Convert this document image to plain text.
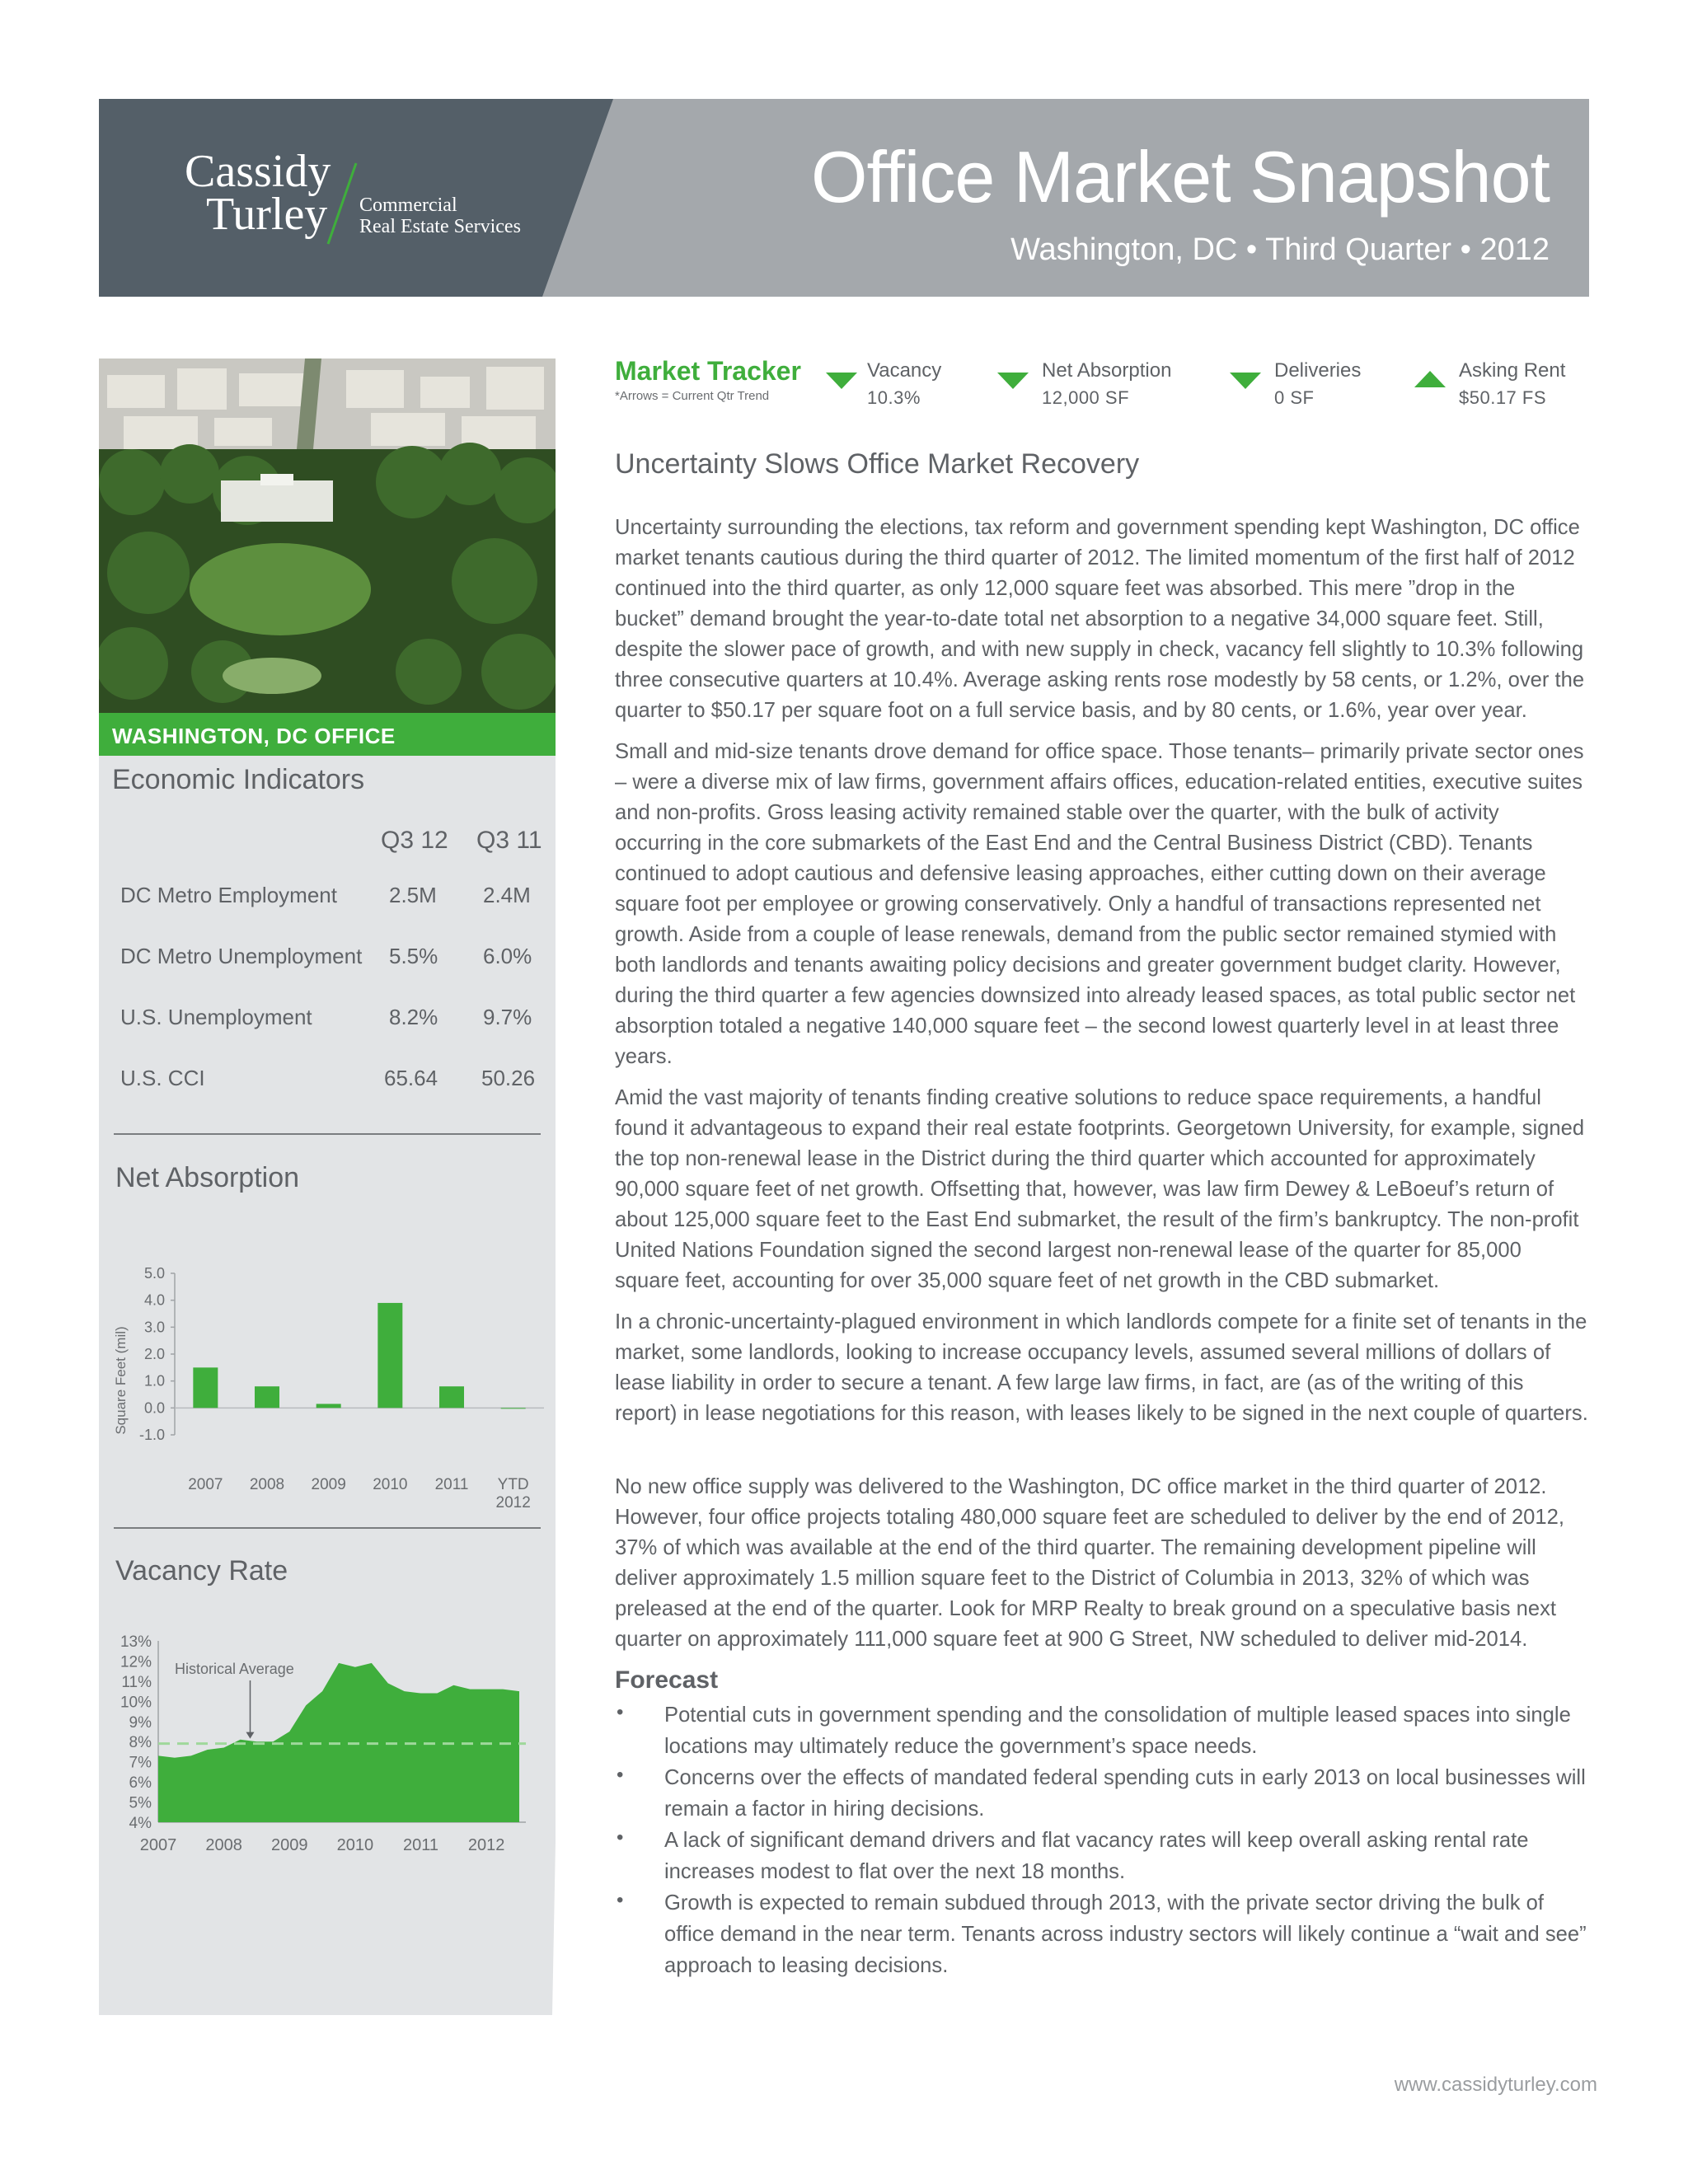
Cassidy
Turley Commercial
Real Estate Services
Office Market Snapshot
Washington, DC • Third Quarter • 2012
WASHINGTON, DC OFFICE
Economic Indicators
Q3 12 Q3 11
DC Metro Employment 2.5M 2.4M
DC Metro Unemployment 5.5% 6.0%
U.S. Unemployment	8.2% 9.7%
U.S. CCI	65.64 50.26
Net Absorption
Square Feet (mil)
5.0
4.0
3.0
2.0
1.0
0.0
-1.0
2007 2008 2009 2010 2011 YTD
2012
Vacancy Rate
13%
12%
11%
10%
9%
8%
7%
6%
5%
4%
Historical Average
2007 2008 2009 2010 2011 2012
Market Tracker
*Arrows = Current Qtr Trend
Vacancy
10.3%
Net Absorption
12,000 SF
Deliveries
0 SF
Asking Rent
$50.17 FS
Uncertainty Slows Office Market Recovery
Uncertainty surrounding the elections, tax reform and government spending kept Washington, DC office market tenants cautious during the third quarter of 2012. The limited momentum of the first half of 2012 continued into the third quarter, as only 12,000 square feet was absorbed. This mere ”drop in the bucket” demand brought the year-to-date total net absorption to a negative 34,000 square feet. Still, despite the slower pace of growth, and with new supply in check, vacancy fell slightly to 10.3% following three consecutive quarters at 10.4%. Average asking rents rose modestly by 58 cents, or 1.2%, over the quarter to $50.17 per square foot on a full service basis, and by 80 cents, or 1.6%, year over year.
Small and mid-size tenants drove demand for office space. Those tenants– primarily private sector ones – were a diverse mix of law firms, government affairs offices, education-related entities, executive suites and non-profits. Gross leasing activity remained stable over the quarter, with the bulk of activity occurring in the core submarkets of the East End and the Central Business District (CBD). Tenants continued to adopt cautious and defensive leasing approaches, either cutting down on their average square foot per employee or growing conservatively. Only a handful of transactions represented net growth. Aside from a couple of lease renewals, demand from the public sector remained stymied with both landlords and tenants awaiting policy decisions and greater government budget clarity. However, during the third quarter a few agencies downsized into already leased spaces, as total public sector net absorption totaled a negative 140,000 square feet – the second lowest quarterly level in at least three years.
Amid the vast majority of tenants finding creative solutions to reduce space requirements, a handful found it advantageous to expand their real estate footprints. Georgetown University, for example, signed the top non-renewal lease in the District during the third quarter which accounted for approximately 90,000 square feet of net growth. Offsetting that, however, was law firm Dewey & LeBoeuf’s return of about 125,000 square feet to the East End submarket, the result of the firm’s bankruptcy. The non-profit United Nations Foundation signed the second largest non-renewal lease of the quarter for 85,000 square feet, accounting for over 35,000 square feet of net growth in the CBD submarket.
In a chronic-uncertainty-plagued environment in which landlords compete for a finite set of tenants in the market, some landlords, looking to increase occupancy levels, assumed several millions of dollars of lease liability in order to secure a tenant. A few large law firms, in fact, are (as of the writing of this report) in lease negotiations for this reason, with leases likely to be signed in the next couple of quarters.
No new office supply was delivered to the Washington, DC office market in the third quarter of 2012. However, four office projects totaling 480,000 square feet are scheduled to deliver by the end of 2012, 37% of which was available at the end of the third quarter. The remaining development pipeline will deliver approximately 1.5 million square feet to the District of Columbia in 2013, 32% of which was preleased at the end of the quarter. Look for MRP Realty to break ground on a speculative basis next quarter on approximately 111,000 square feet at 900 G Street, NW scheduled to deliver mid-2014.
Forecast
• Potential cuts in government spending and the consolidation of multiple leased spaces into single locations may ultimately reduce the government’s space needs.
• Concerns over the effects of mandated federal spending cuts in early 2013 on local businesses will remain a factor in hiring decisions.
• A lack of significant demand drivers and flat vacancy rates will keep overall asking rental rate increases modest to flat over the next 18 months.
• Growth is expected to remain subdued through 2013, with the private sector driving the bulk of office demand in the near term. Tenants across industry sectors will likely continue a “wait and see” approach to leasing decisions.
www.cassidyturley.com
